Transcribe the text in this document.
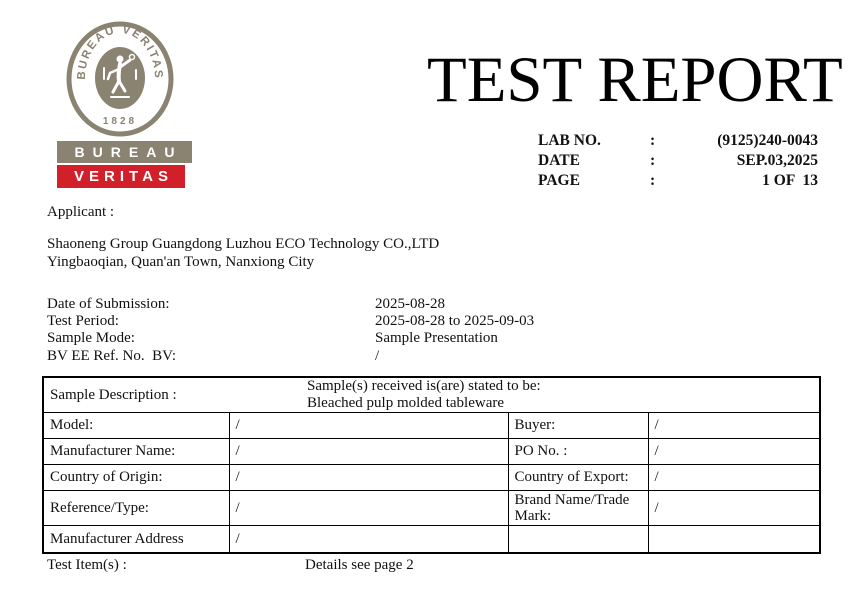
BUREAU VERITAS
1828
BUREAU
VERITAS
TEST REPORT
LAB NO.	:	(9125)240-0043
DATE	:	SEP.03,2025
PAGE	:	1 OF  13
Applicant :
Shaoneng Group Guangdong Luzhou ECO Technology CO.,LTD
Yingbaoqian, Quan'an Town, Nanxiong City
Date of Submission:	2025-08-28
Test Period:	2025-08-28 to 2025-09-03
Sample Mode:	Sample Presentation
BV EE Ref. No.  BV:	/
Sample Description :
Sample(s) received is(are) stated to be:
Bleached pulp molded tableware			

Model:	/	Buyer:	/
Manufacturer Name:	/	PO No. :	/
Country of Origin:	/	Country of Export:	/
Reference/Type:	/	Brand Name/Trade Mark:	/
Manufacturer Address	/		
Test Item(s) :	Details see page 2
